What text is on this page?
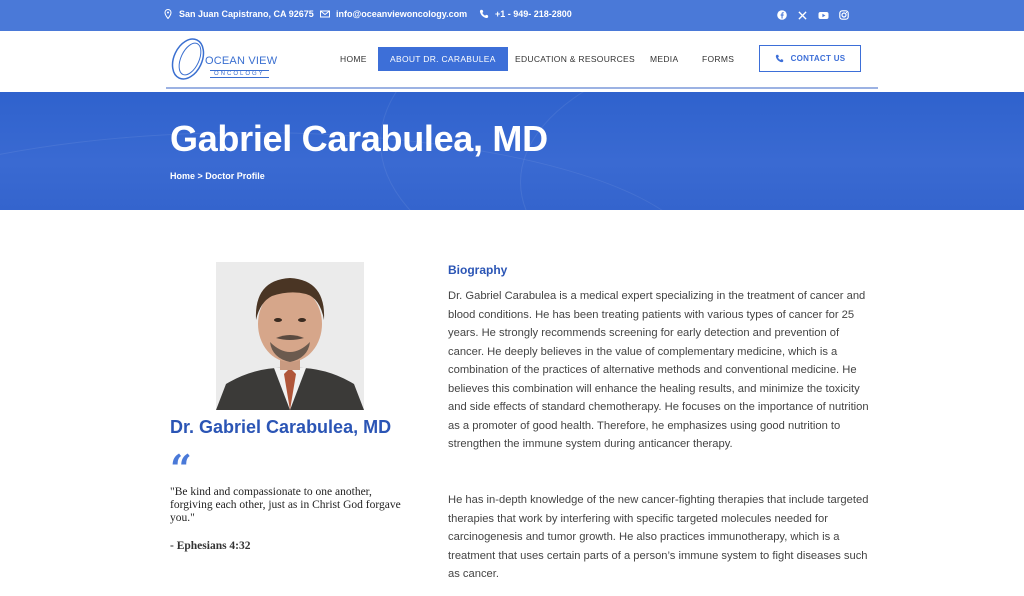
San Juan Capistrano, CA 92675 info@oceanviewoncology.com	+1 - 949- 218-2800
OCEAN VIEW
ONCOLOGY
HOME	ABOUT DR. CARABULEA	EDUCATION & RESOURCES MEDIA	FORMS	CONTACT US
Gabriel Carabulea, MD
Home > Doctor Profile
Dr. Gabriel Carabulea, MD
“
"Be kind and compassionate to one another, forgiving each other, just as in Christ God forgave you."
- Ephesians 4:32
Biography

Dr. Gabriel Carabulea is a medical expert specializing in the treatment of cancer and blood conditions. He has been treating patients with various types of cancer for 25 years. He strongly recommends screening for early detection and prevention of cancer. He deeply believes in the value of complementary medicine, which is a combination of the practices of alternative methods and conventional medicine. He believes this combination will enhance the healing results, and minimize the toxicity and side effects of standard chemotherapy. He focuses on the importance of nutrition as a promoter of good health. Therefore, he emphasizes using good nutrition to strengthen the immune system during anticancer therapy.

He has in-depth knowledge of the new cancer-fighting therapies that include targeted therapies that work by interfering with specific targeted molecules needed for carcinogenesis and tumor growth. He also practices immunotherapy, which is a treatment that uses certain parts of a person’s immune system to fight diseases such as cancer.
